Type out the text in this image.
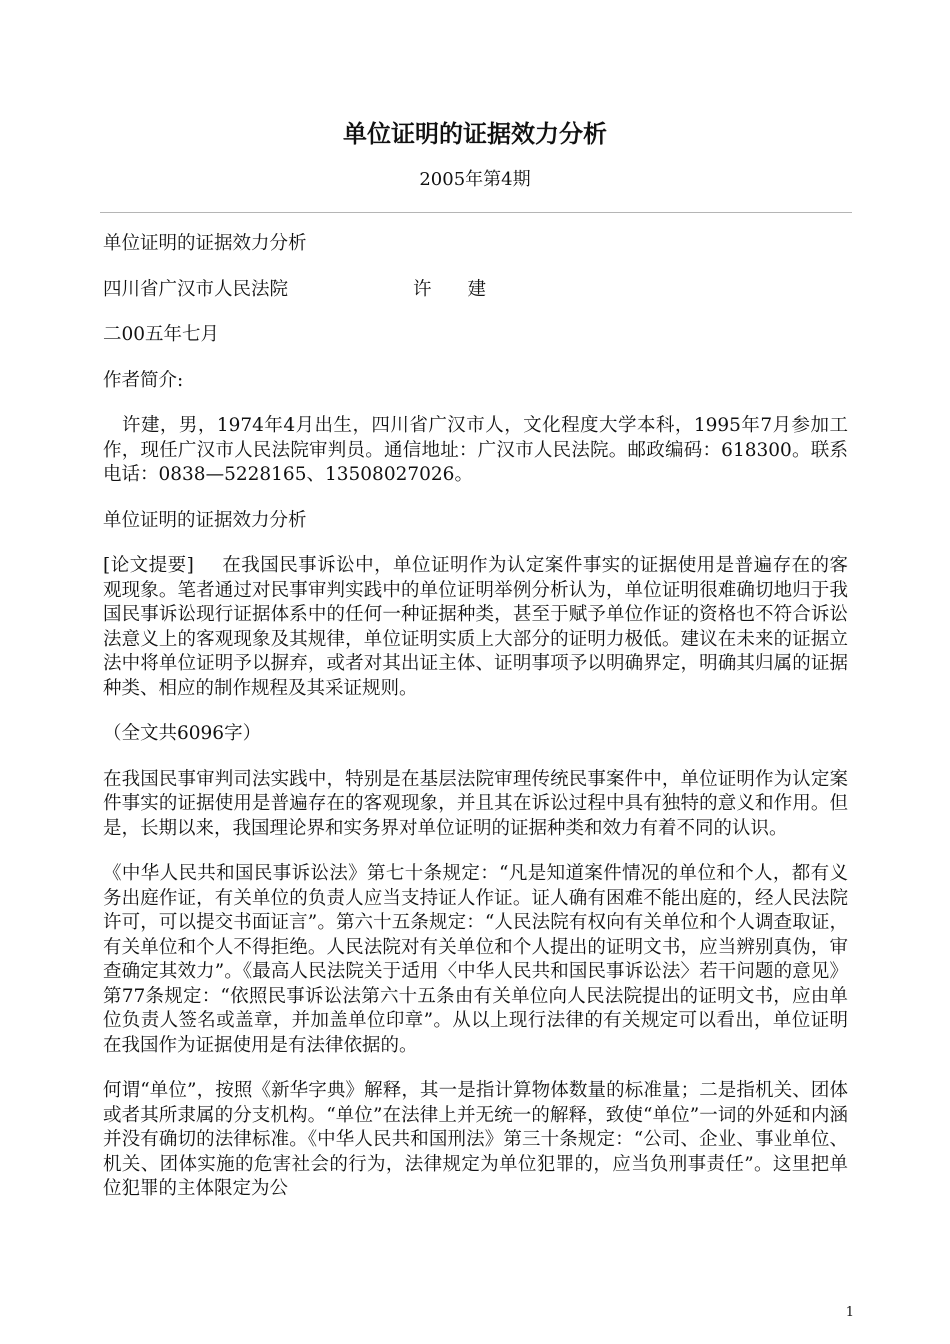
单位证明的证据效力分析
2005年第4期

单位证明的证据效力分析

四川省广汉市人民法院	许建

二00五年七月

作者简介:

许建，男，1974年4月出生，四川省广汉市人，文化程度大学本科，1995年7月参加工作，现任广汉市人民法院审判员。通信地址：广汉市人民法院。邮政编码：618300。联系电话：0838—5228165、13508027026。

单位证明的证据效力分析

[论文提要] 在我国民事诉讼中，单位证明作为认定案件事实的证据使用是普遍存在的客观现象。笔者通过对民事审判实践中的单位证明举例分析认为，单位证明很难确切地归于我国民事诉讼现行证据体系中的任何一种证据种类，甚至于赋予单位作证的资格也不符合诉讼法意义上的客观现象及其规律，单位证明实质上大部分的证明力极低。建议在未来的证据立法中将单位证明予以摒弃，或者对其出证主体、证明事项予以明确界定，明确其归属的证据种类、相应的制作规程及其采证规则。

（全文共6096字）

在我国民事审判司法实践中，特别是在基层法院审理传统民事案件中，单位证明作为认定案件事实的证据使用是普遍存在的客观现象，并且其在诉讼过程中具有独特的意义和作用。但是，长期以来，我国理论界和实务界对单位证明的证据种类和效力有着不同的认识。

《中华人民共和国民事诉讼法》第七十条规定：“凡是知道案件情况的单位和个人，都有义务出庭作证，有关单位的负责人应当支持证人作证。证人确有困难不能出庭的，经人民法院许可，可以提交书面证言”。第六十五条规定：“人民法院有权向有关单位和个人调查取证，有关单位和个人不得拒绝。人民法院对有关单位和个人提出的证明文书，应当辨别真伪，审查确定其效力”。《最高人民法院关于适用〈中华人民共和国民事诉讼法〉若干问题的意见》第77条规定：“依照民事诉讼法第六十五条由有关单位向人民法院提出的证明文书，应由单位负责人签名或盖章，并加盖单位印章”。从以上现行法律的有关规定可以看出，单位证明在我国作为证据使用是有法律依据的。

何谓“单位”，按照《新华字典》解释，其一是指计算物体数量的标准量；二是指机关、团体或者其所隶属的分支机构。“单位”在法律上并无统一的解释，致使“单位”一词的外延和内涵并没有确切的法律标准。《中华人民共和国刑法》第三十条规定：“公司、企业、事业单位、机关、团体实施的危害社会的行为，法律规定为单位犯罪的，应当负刑事责任”。这里把单位犯罪的主体限定为公

1
